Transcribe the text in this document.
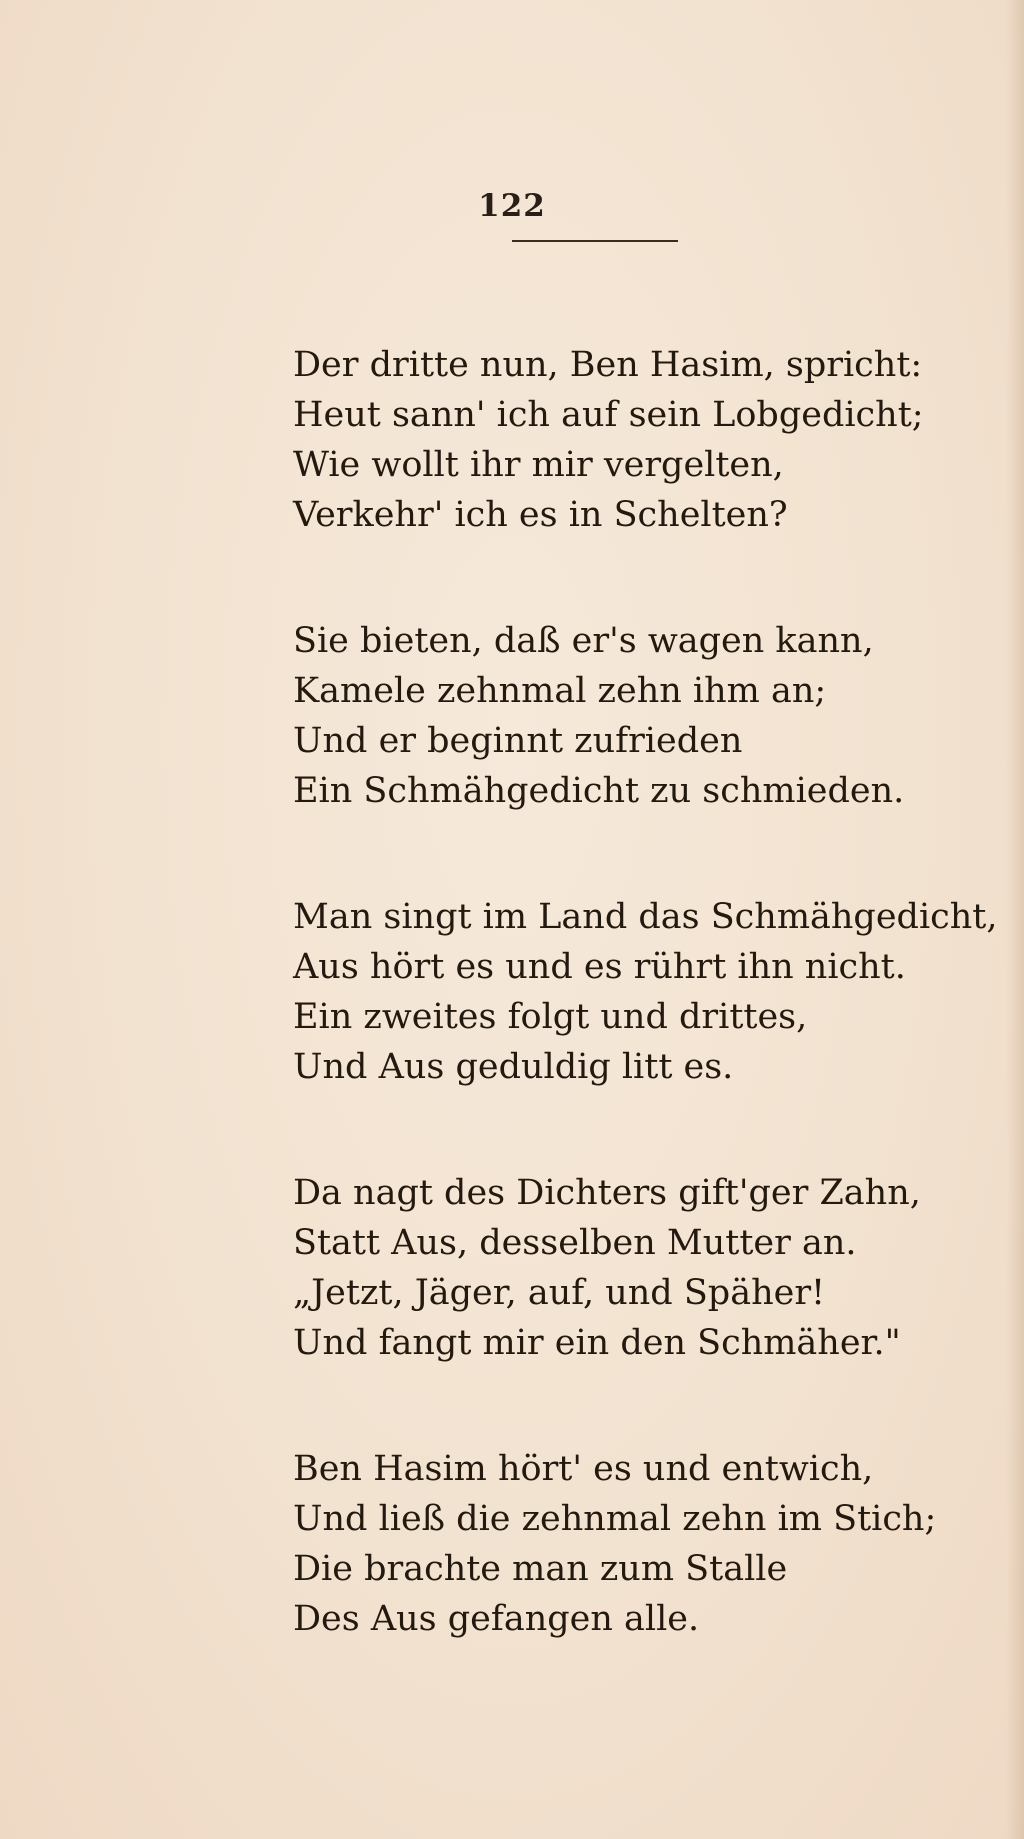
122
Der dritte nun, Ben Hasim, spricht:
Heut sann' ich auf sein Lobgedicht;
Wie wollt ihr mir vergelten,
Verkehr' ich es in Schelten?
Sie bieten, daß er's wagen kann,
Kamele zehnmal zehn ihm an;
Und er beginnt zufrieden
Ein Schmähgedicht zu schmieden.
Man singt im Land das Schmähgedicht,
Aus hört es und es rührt ihn nicht.
Ein zweites folgt und drittes,
Und Aus geduldig litt es.
Da nagt des Dichters gift'ger Zahn,
Statt Aus, desselben Mutter an.
„Jetzt, Jäger, auf, und Späher!
Und fangt mir ein den Schmäher."
Ben Hasim hört' es und entwich,
Und ließ die zehnmal zehn im Stich;
Die brachte man zum Stalle
Des Aus gefangen alle.
